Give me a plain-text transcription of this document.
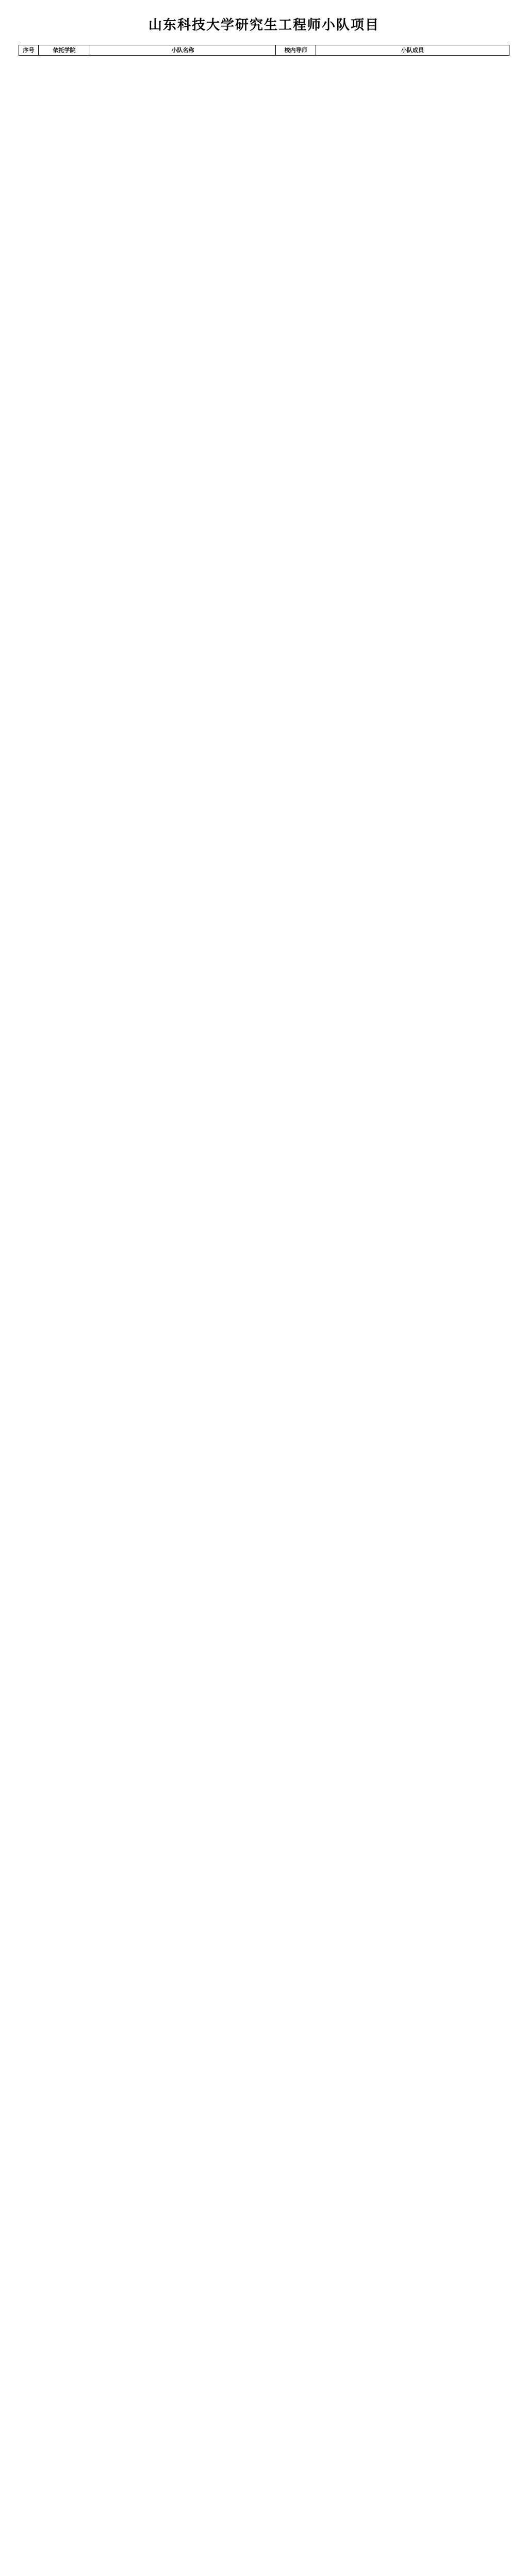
山东科技大学研究生工程师小队项目
序号	依托学院	小队名称	校内导师	小队成员
